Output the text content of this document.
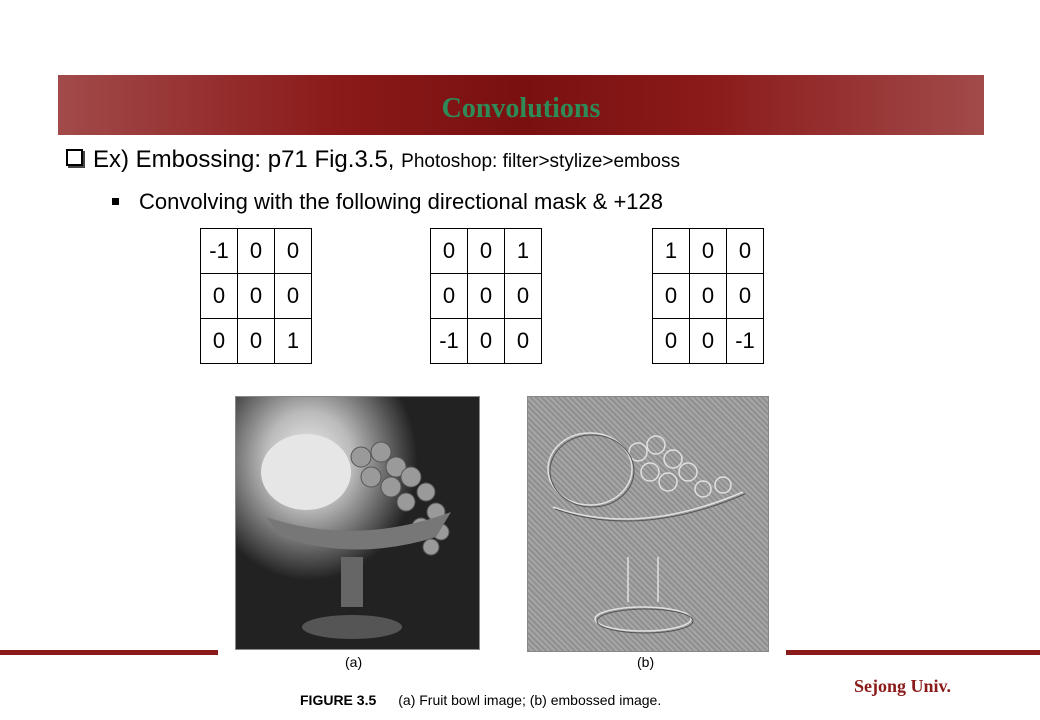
Convolutions
Ex) Embossing: p71 Fig.3.5, Photoshop: filter>stylize>emboss
Convolving with the following directional mask & +128
-1	0	0
0	0	0
0	0	1
0	0	1
0	0	0
-1	0	0
1	0	0
0	0	0
0	0	-1
(a)	(b)
FIGURE 3.5 (a) Fruit bowl image; (b) embossed image.
Sejong Univ.
